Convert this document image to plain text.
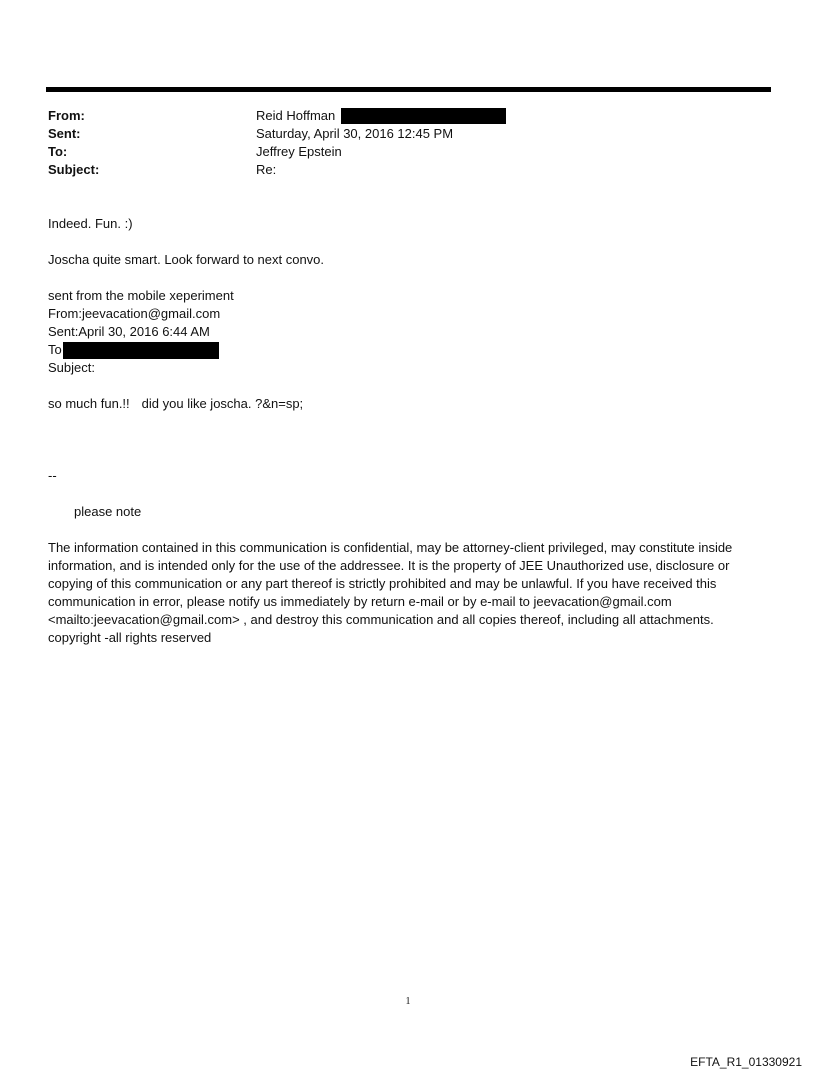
From:	Reid Hoffman
Sent:	Saturday, April 30, 2016 12:45 PM
To:	Jeffrey Epstein
Subject:	Re:

Indeed. Fun. :)

Joscha quite smart. Look forward to next convo.

sent from the mobile xeperiment

From:jeevacation@gmail.com

Sent:April 30, 2016 6:44 AM

To

Subject:

so much fun.!! did you like joscha. ?&n=sp;

--

please note

The information contained in this communication is confidential, may be attorney-client privileged, may constitute inside information, and is intended only for the use of the addressee. It is the property of JEE Unauthorized use, disclosure or copying of this communication or any part thereof is strictly prohibited and may be unlawful. If you have received this communication in error, please notify us immediately by return e-mail or by e-mail to jeevacation@gmail.com <mailto:jeevacation@gmail.com> , and destroy this communication and all copies thereof, including all attachments. copyright -all rights reserved

1
EFTA_R1_01330921
